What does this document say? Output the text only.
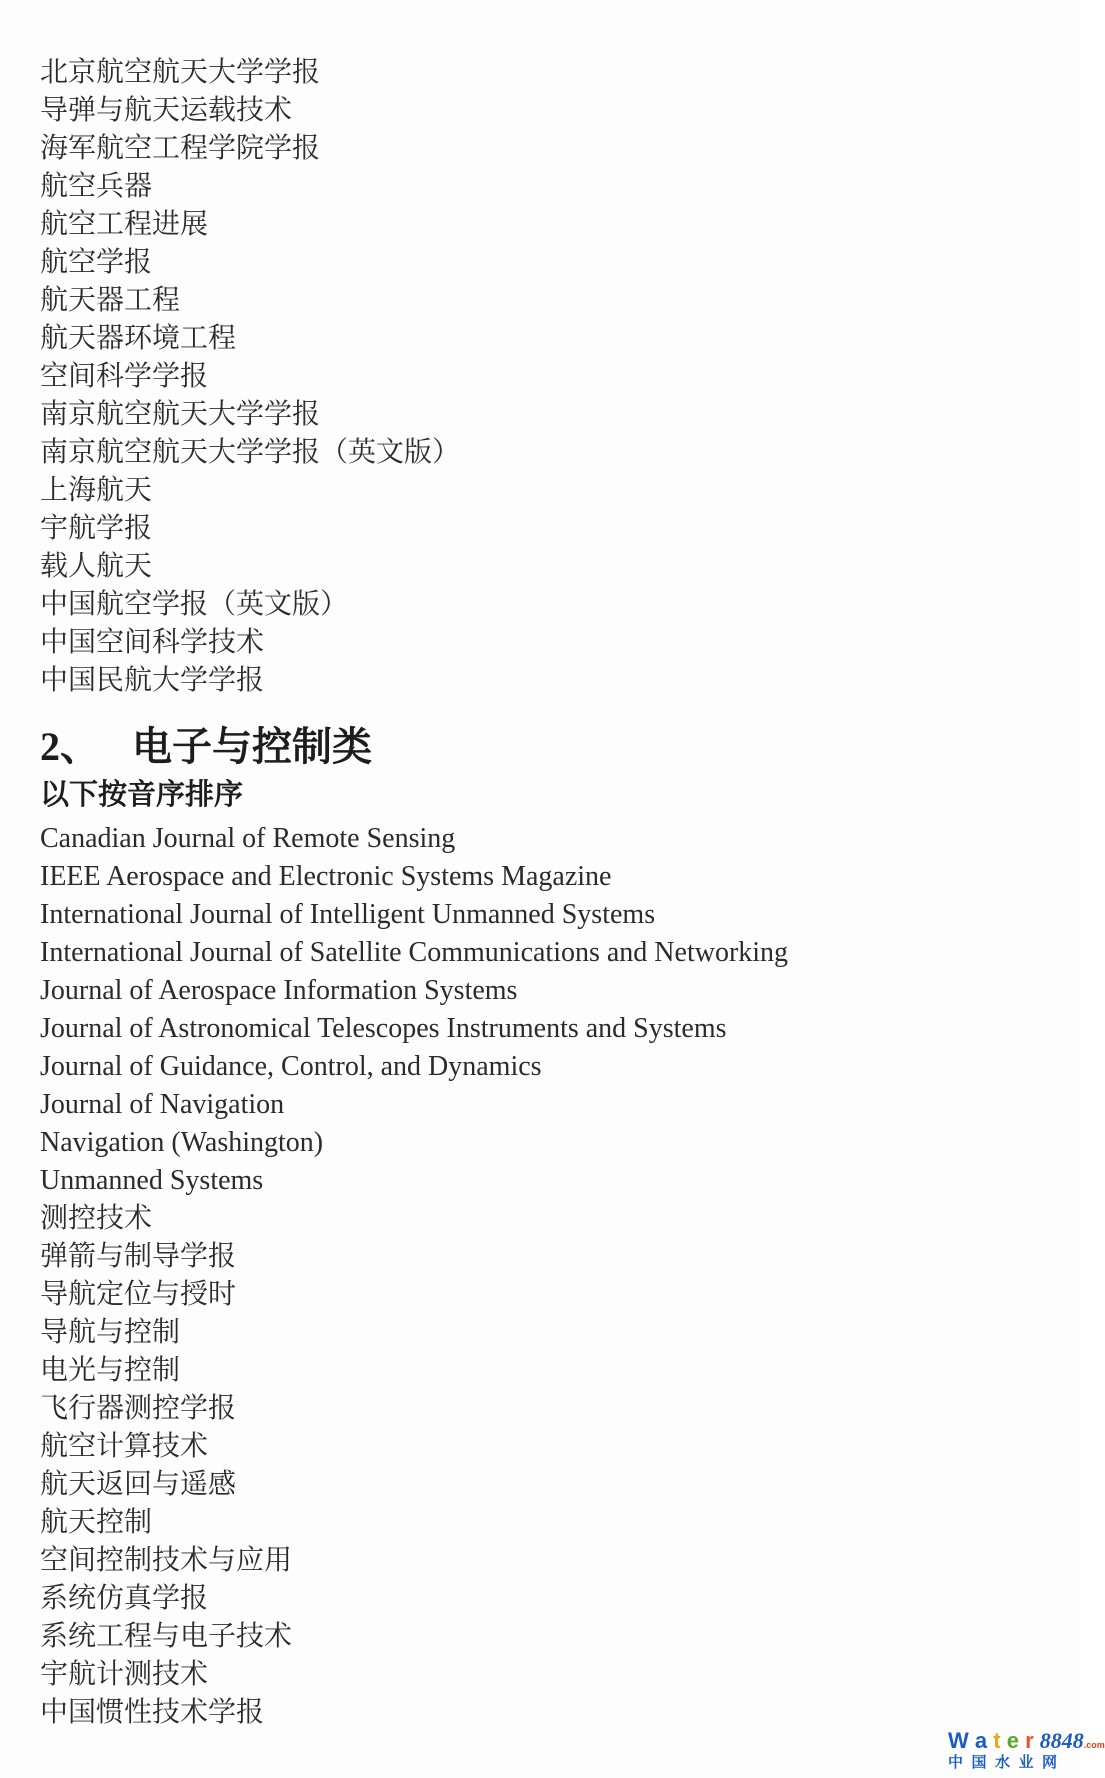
北京航空航天大学学报
导弹与航天运载技术
海军航空工程学院学报
航空兵器
航空工程进展
航空学报
航天器工程
航天器环境工程
空间科学学报
南京航空航天大学学报
南京航空航天大学学报（英文版）
上海航天
宇航学报
载人航天
中国航空学报（英文版）
中国空间科学技术
中国民航大学学报
2、 电子与控制类

以下按音序排序

Canadian Journal of Remote Sensing
IEEE Aerospace and Electronic Systems Magazine
International Journal of Intelligent Unmanned Systems
International Journal of Satellite Communications and Networking
Journal of Aerospace Information Systems
Journal of Astronomical Telescopes Instruments and Systems
Journal of Guidance, Control, and Dynamics
Journal of Navigation
Navigation (Washington)
Unmanned Systems
测控技术
弹箭与制导学报
导航定位与授时
导航与控制
电光与控制
飞行器测控学报
航空计算技术
航天返回与遥感
航天控制
空间控制技术与应用
系统仿真学报
系统工程与电子技术
宇航计测技术
中国惯性技术学报
W a t e r 8848.com
中国水业网
